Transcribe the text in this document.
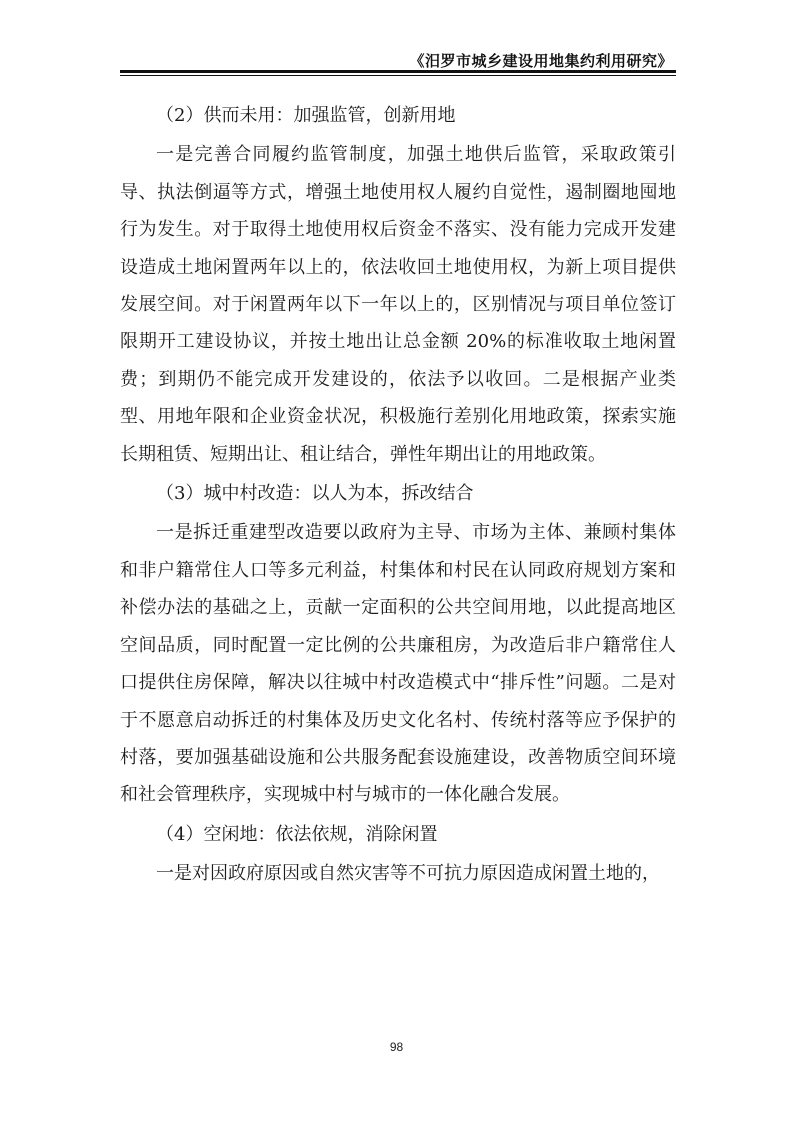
《汨罗市城乡建设用地集约利用研究》

（2）供而未用：加强监管，创新用地

一是完善合同履约监管制度，加强土地供后监管，采取政策引导、执法倒逼等方式，增强土地使用权人履约自觉性，遏制圈地囤地行为发生。对于取得土地使用权后资金不落实、没有能力完成开发建设造成土地闲置两年以上的，依法收回土地使用权，为新上项目提供发展空间。对于闲置两年以下一年以上的，区别情况与项目单位签订限期开工建设协议，并按土地出让总金额 20%的标准收取土地闲置费；到期仍不能完成开发建设的，依法予以收回。二是根据产业类型、用地年限和企业资金状况，积极施行差别化用地政策，探索实施长期租赁、短期出让、租让结合，弹性年期出让的用地政策。

（3）城中村改造：以人为本，拆改结合

一是拆迁重建型改造要以政府为主导、市场为主体、兼顾村集体和非户籍常住人口等多元利益，村集体和村民在认同政府规划方案和补偿办法的基础之上，贡献一定面积的公共空间用地，以此提高地区空间品质，同时配置一定比例的公共廉租房，为改造后非户籍常住人口提供住房保障，解决以往城中村改造模式中“排斥性”问题。二是对于不愿意启动拆迁的村集体及历史文化名村、传统村落等应予保护的村落，要加强基础设施和公共服务配套设施建设，改善物质空间环境和社会管理秩序，实现城中村与城市的一体化融合发展。

（4）空闲地：依法依规，消除闲置

一是对因政府原因或自然灾害等不可抗力原因造成闲置土地的，

98
